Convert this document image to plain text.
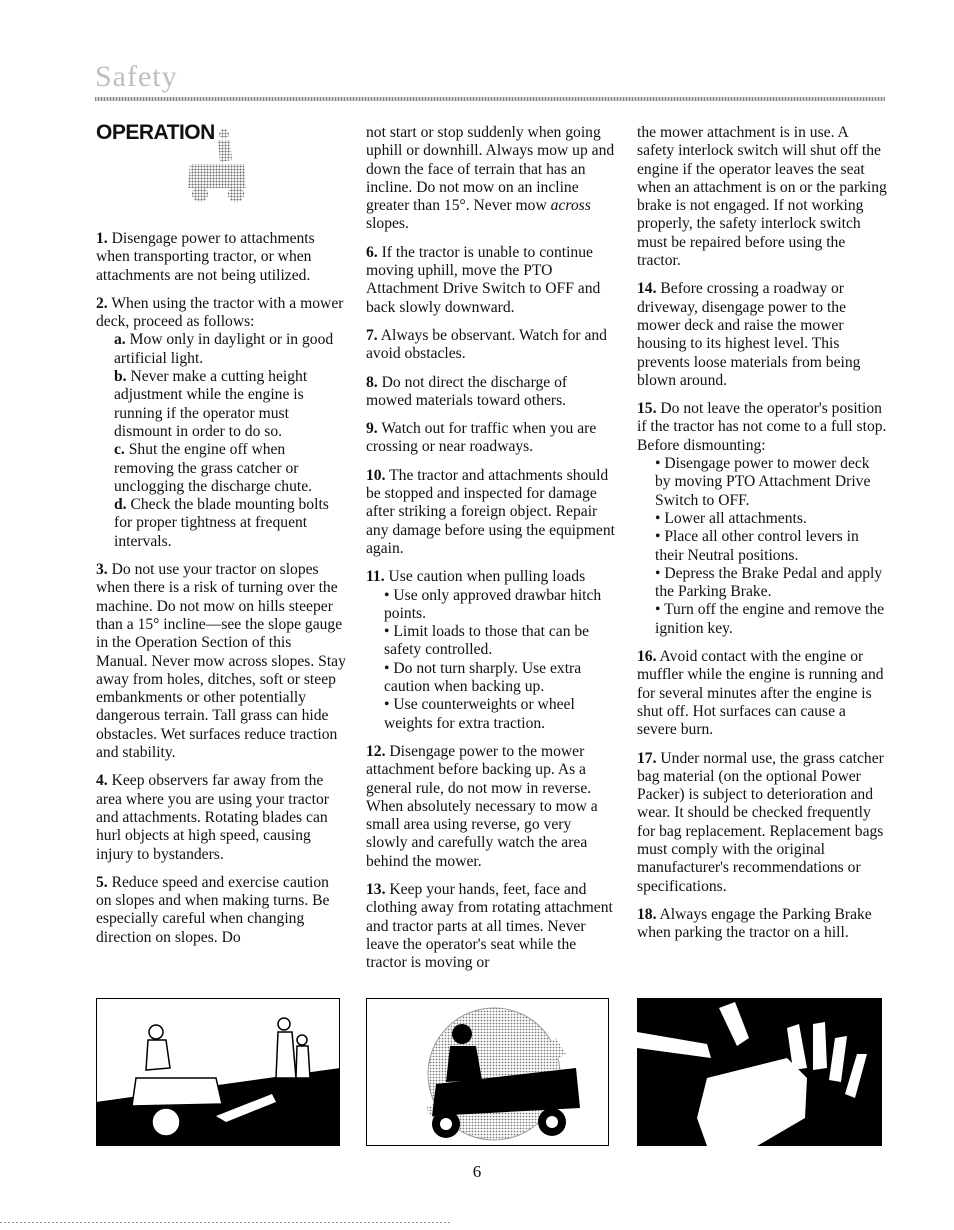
Safety
OPERATION

1. Disengage power to attachments when transporting tractor, or when attachments are not being utilized.

2. When using the tractor with a mower deck, proceed as follows:

a. Mow only in daylight or in good artificial light.

b. Never make a cutting height adjustment while the engine is running if the operator must dismount in order to do so.

c. Shut the engine off when removing the grass catcher or unclogging the discharge chute.

d. Check the blade mounting bolts for proper tightness at frequent intervals.

3. Do not use your tractor on slopes when there is a risk of turning over the machine. Do not mow on hills steeper than a 15° incline—see the slope gauge in the Operation Section of this Manual. Never mow across slopes. Stay away from holes, ditches, soft or steep embankments or other potentially dangerous terrain. Tall grass can hide obstacles. Wet surfaces reduce traction and stability.

4. Keep observers far away from the area where you are using your tractor and attachments. Rotating blades can hurl objects at high speed, causing injury to bystanders.

5. Reduce speed and exercise caution on slopes and when making turns. Be especially careful when changing direction on slopes. Do

not start or stop suddenly when going uphill or downhill. Always mow up and down the face of terrain that has an incline. Do not mow on an incline greater than 15°. Never mow across slopes.

6. If the tractor is unable to continue moving uphill, move the PTO Attachment Drive Switch to OFF and back slowly downward.

7. Always be observant. Watch for and avoid obstacles.

8. Do not direct the discharge of mowed materials toward others.

9. Watch out for traffic when you are crossing or near roadways.

10. The tractor and attachments should be stopped and inspected for damage after striking a foreign object. Repair any damage before using the equipment again.

11. Use caution when pulling loads
• Use only approved drawbar hitch points.
• Limit loads to those that can be safety controlled.
• Do not turn sharply. Use extra caution when backing up.
• Use counterweights or wheel weights for extra traction.

12. Disengage power to the mower attachment before backing up. As a general rule, do not mow in reverse. When absolutely necessary to mow a small area using reverse, go very slowly and carefully watch the area behind the mower.

13. Keep your hands, feet, face and clothing away from rotating attachment and tractor parts at all times. Never leave the operator's seat while the tractor is moving or

the mower attachment is in use. A safety interlock switch will shut off the engine if the operator leaves the seat when an attachment is on or the parking brake is not engaged. If not working properly, the safety interlock switch must be repaired before using the tractor.

14. Before crossing a roadway or driveway, disengage power to the mower deck and raise the mower housing to its highest level. This prevents loose materials from being blown around.

15. Do not leave the operator's position if the tractor has not come to a full stop. Before dismounting:
• Disengage power to mower deck by moving PTO Attachment Drive Switch to OFF.
• Lower all attachments.
• Place all other control levers in their Neutral positions.
• Depress the Brake Pedal and apply the Parking Brake.
• Turn off the engine and remove the ignition key.

16. Avoid contact with the engine or muffler while the engine is running and for several minutes after the engine is shut off. Hot surfaces can cause a severe burn.

17. Under normal use, the grass catcher bag material (on the optional Power Packer) is subject to deterioration and wear. It should be checked frequently for bag replacement. Replacement bags must comply with the original manufacturer's recommendations or specifications.

18. Always engage the Parking Brake when parking the tractor on a hill.

6
